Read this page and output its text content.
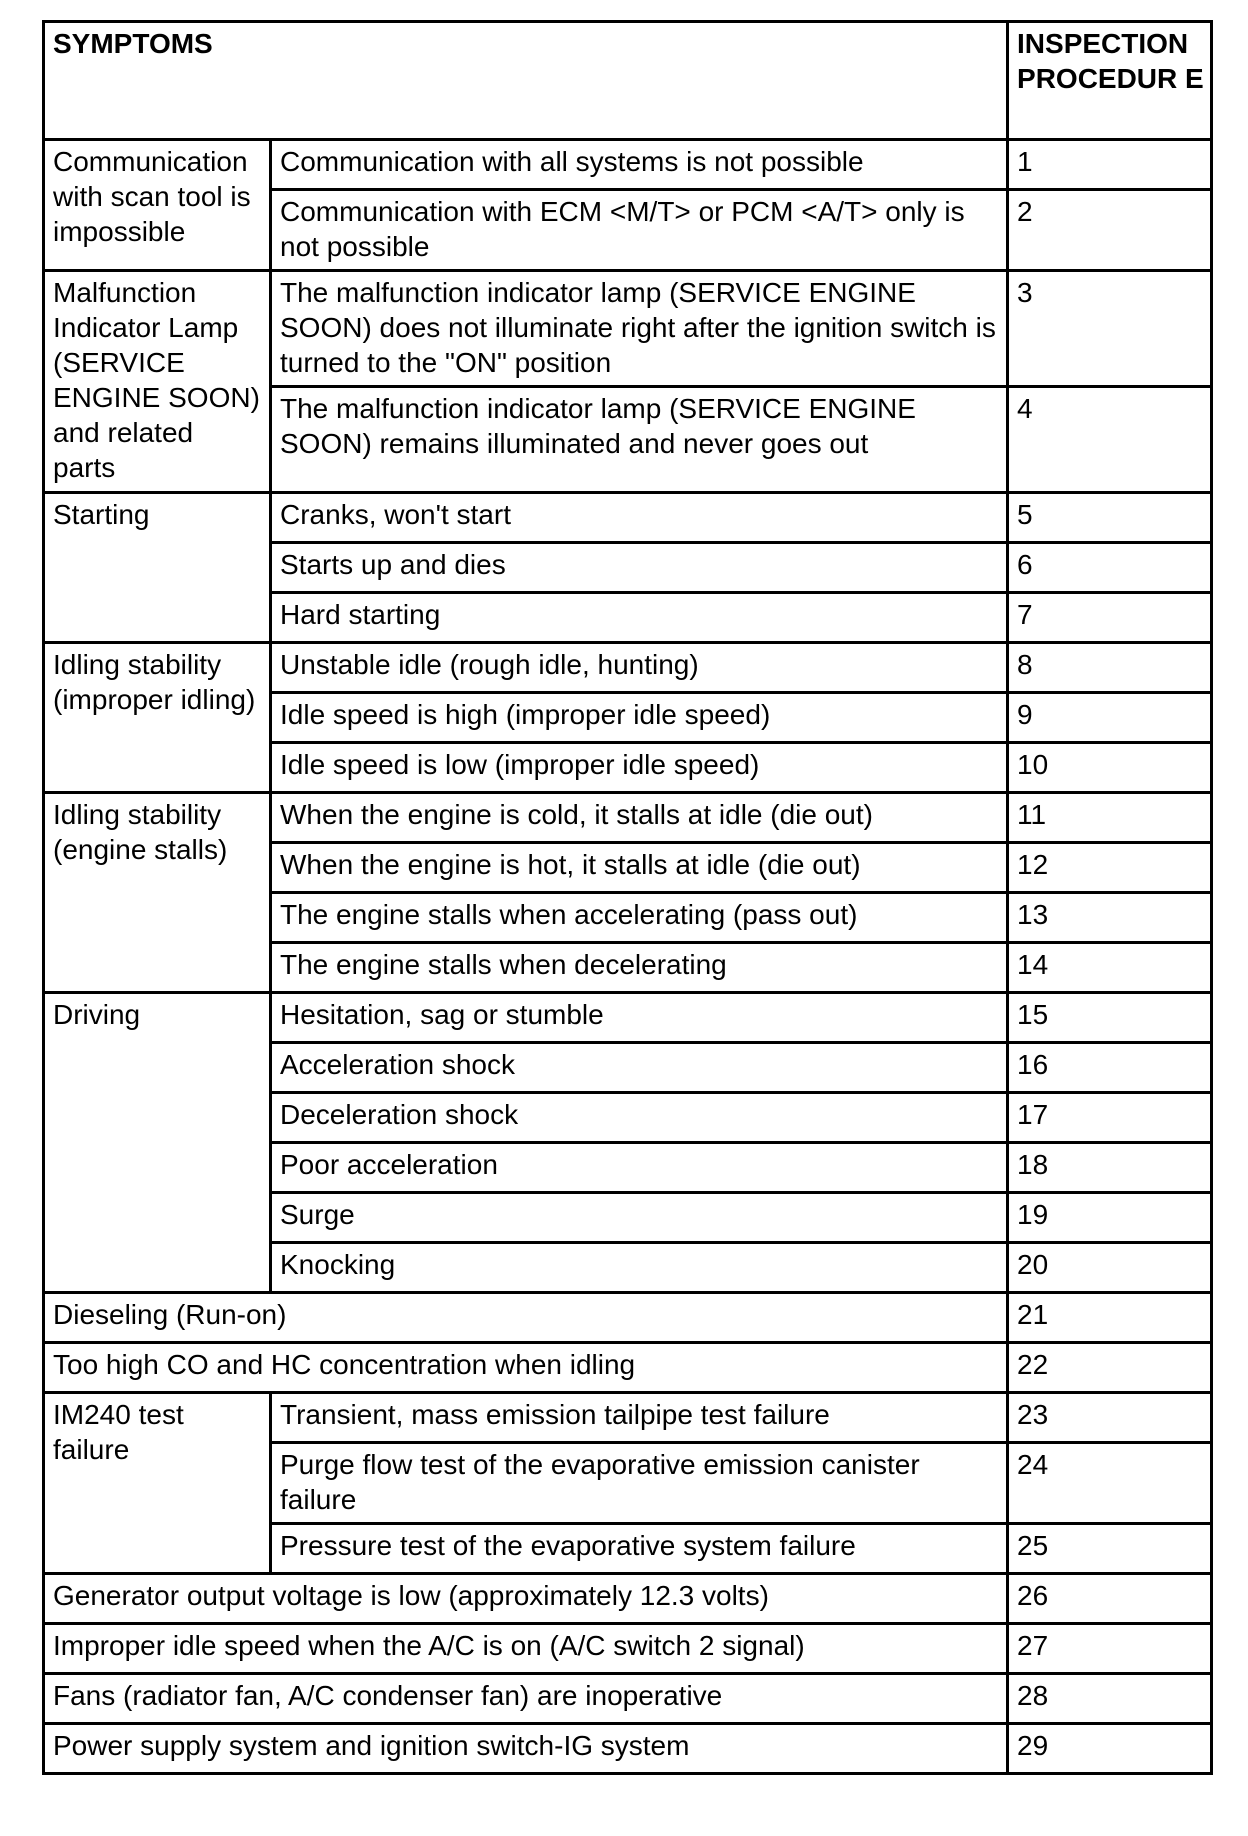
SYMPTOMS		INSPECTION PROCEDUR E
Communication with scan tool is impossible	Communication with all systems is not possible	1
	Communication with ECM <M/T> or PCM <A/T> only is not possible	2
Malfunction Indicator Lamp (SERVICE ENGINE SOON) and related parts	The malfunction indicator lamp (SERVICE ENGINE SOON) does not illuminate right after the ignition switch is turned to the "ON" position	3
	The malfunction indicator lamp (SERVICE ENGINE SOON) remains illuminated and never goes out	4
Starting	Cranks, won't start	5
	Starts up and dies	6
	Hard starting	7
Idling stability (improper idling)	Unstable idle (rough idle, hunting)	8
	Idle speed is high (improper idle speed)	9
	Idle speed is low (improper idle speed)	10
Idling stability (engine stalls)	When the engine is cold, it stalls at idle (die out)	11
	When the engine is hot, it stalls at idle (die out)	12
	The engine stalls when accelerating (pass out)	13
	The engine stalls when decelerating	14
Driving	Hesitation, sag or stumble	15
	Acceleration shock	16
	Deceleration shock	17
	Poor acceleration	18
	Surge	19
	Knocking	20
Dieseling (Run-on)		21
Too high CO and HC concentration when idling		22
IM240 test failure	Transient, mass emission tailpipe test failure	23
	Purge flow test of the evaporative emission canister failure	24
	Pressure test of the evaporative system failure	25
Generator output voltage is low (approximately 12.3 volts)		26
Improper idle speed when the A/C is on (A/C switch 2 signal)		27
Fans (radiator fan, A/C condenser fan) are inoperative		28
Power supply system and ignition switch-IG system		29
